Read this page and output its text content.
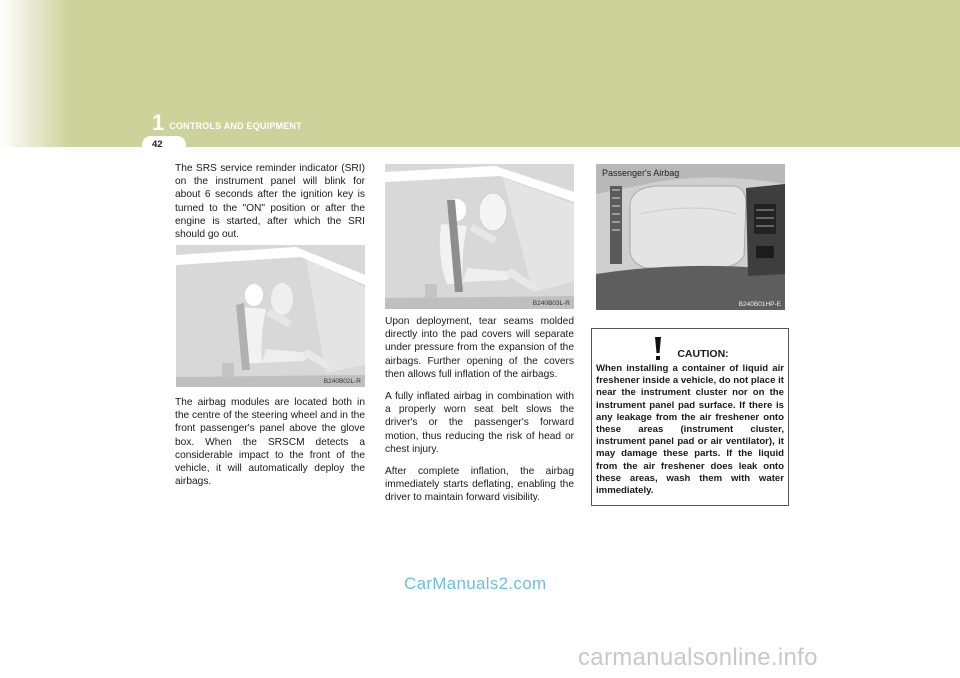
1 CONTROLS AND EQUIPMENT
42

The SRS service reminder indicator (SRI) on the instrument panel will blink for about 6 seconds after the ignition key is turned to the "ON" position or after the engine is started, after which the SRI should go out.

B240B02L-R

The airbag modules are located both in the centre of the steering wheel and in the front passenger's panel above the glove box. When the SRSCM detects a considerable impact to the front of the vehicle, it will automatically deploy the airbags.

B240B03L-R

Upon deployment, tear seams molded directly into the pad covers will separate under pressure from the expansion of the airbags. Further opening of the covers then allows full inflation of the airbags.

A fully inflated airbag in combination with a properly worn seat belt slows the driver's or the passenger's forward motion, thus reducing the risk of head or chest injury.

After complete inflation, the airbag immediately starts deflating, enabling the driver to maintain forward visibility.

B240B01HP-E
Passenger's Airbag
CAUTION:
When installing a container of liquid air freshener inside a vehicle, do not place it near the instrument cluster nor on the instrument panel pad surface. If there is any leakage from the air freshener onto these areas (instrument cluster, instrument panel pad or air ventilator), it may damage these parts. If the liquid from the air freshener does leak onto these areas, wash them with water immediately.
CarManuals2.com
carmanualsonline.info
